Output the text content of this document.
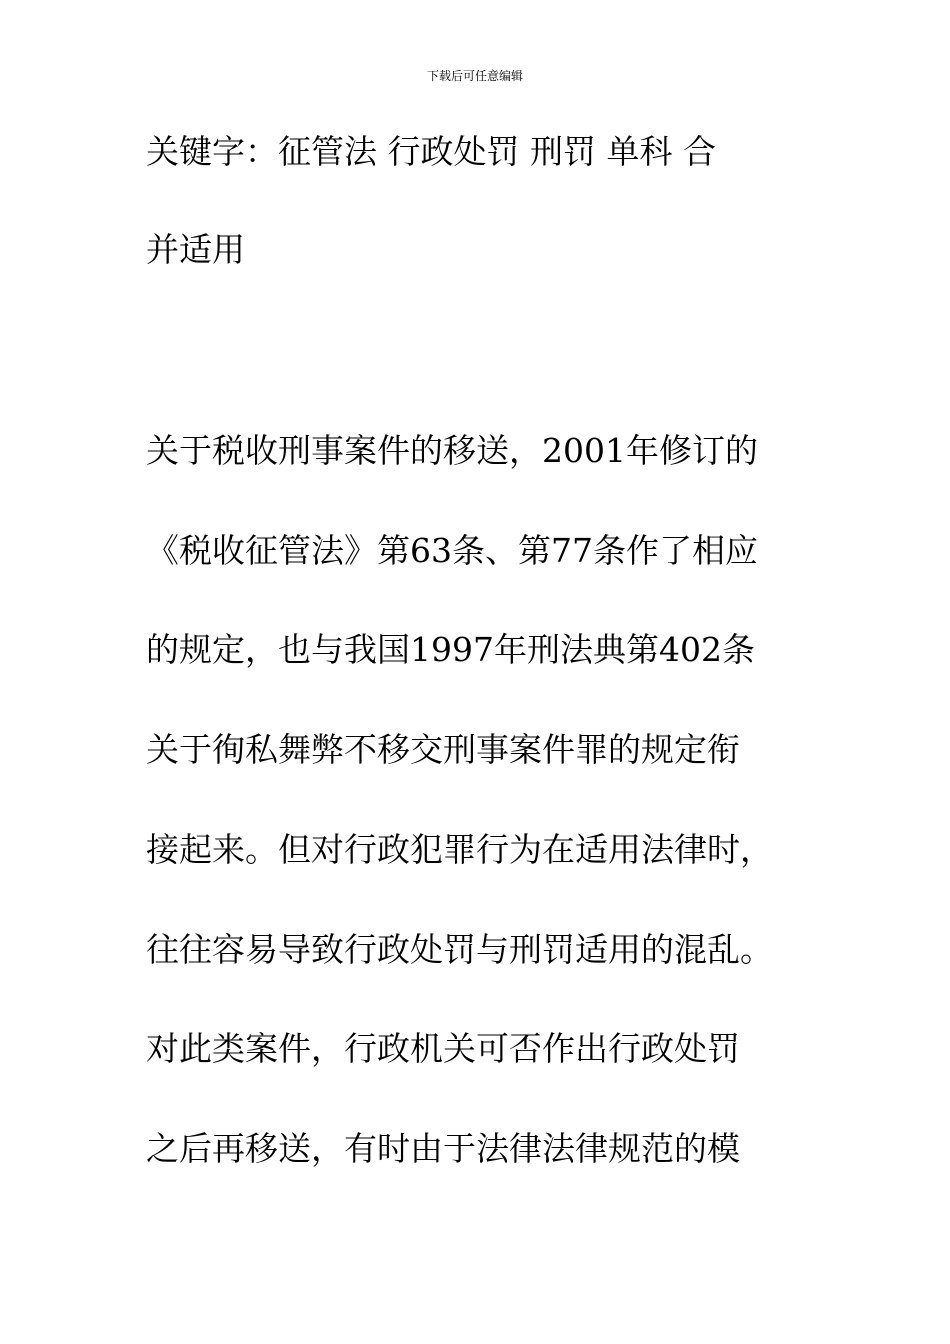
下载后可任意编辑
关键字：征管法 行政处罚 刑罚 单科 合
并适用
关于税收刑事案件的移送，2001年修订的
《税收征管法》第63条、第77条作了相应
的规定，也与我国1997年刑法典第402条
关于徇私舞弊不移交刑事案件罪的规定衔
接起来。但对行政犯罪行为在适用法律时，
往往容易导致行政处罚与刑罚适用的混乱。
对此类案件，行政机关可否作出行政处罚
之后再移送，有时由于法律法律规范的模
